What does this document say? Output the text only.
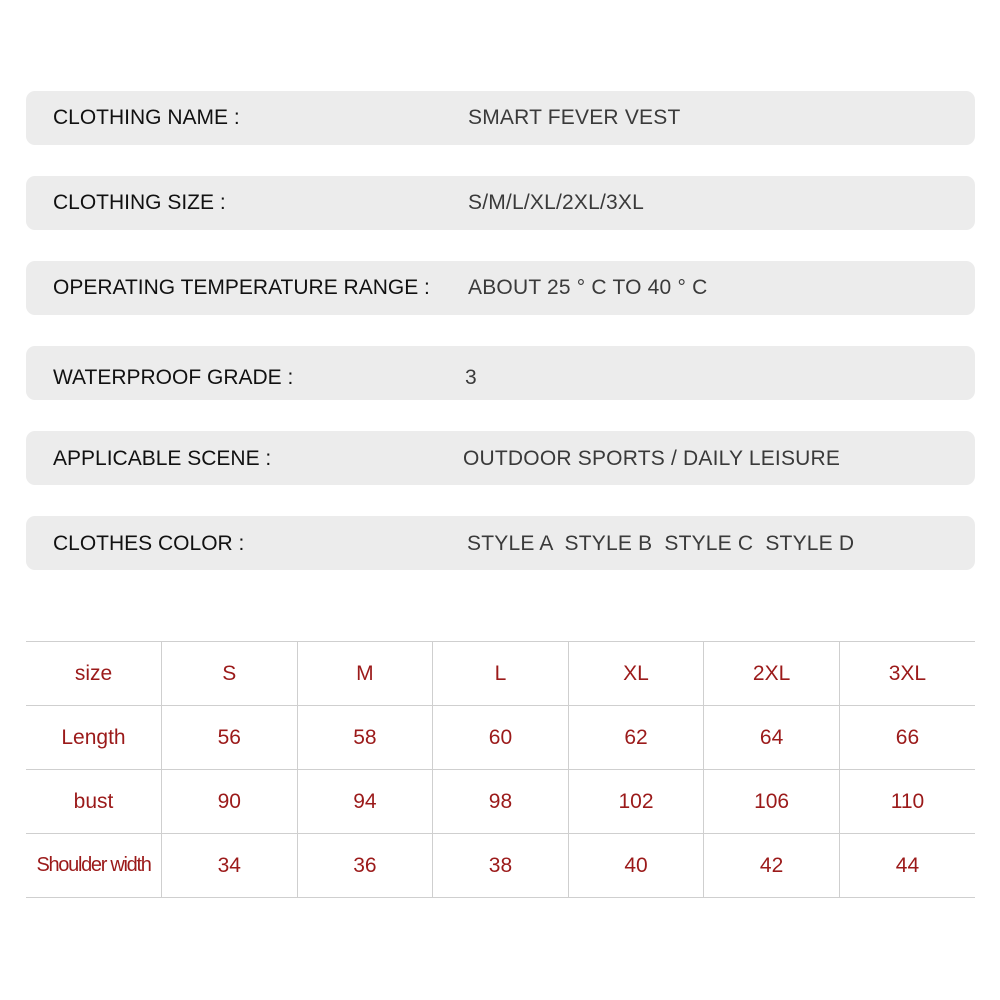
CLOTHING NAME :	SMART FEVER VEST
CLOTHING SIZE :	S/M/L/XL/2XL/3XL
OPERATING TEMPERATURE RANGE : ABOUT 25 ° C TO 40 ° C
WATERPROOF GRADE :	3
APPLICABLE SCENE :	OUTDOOR SPORTS / DAILY LEISURE
CLOTHES COLOR :	STYLE A  STYLE B  STYLE C  STYLE D
size	S	M	L	XL	2XL	3XL
Length	56	58	60	62	64	66
bust	90	94	98	102	106	110
Shoulder width	34	36	38	40	42	44
